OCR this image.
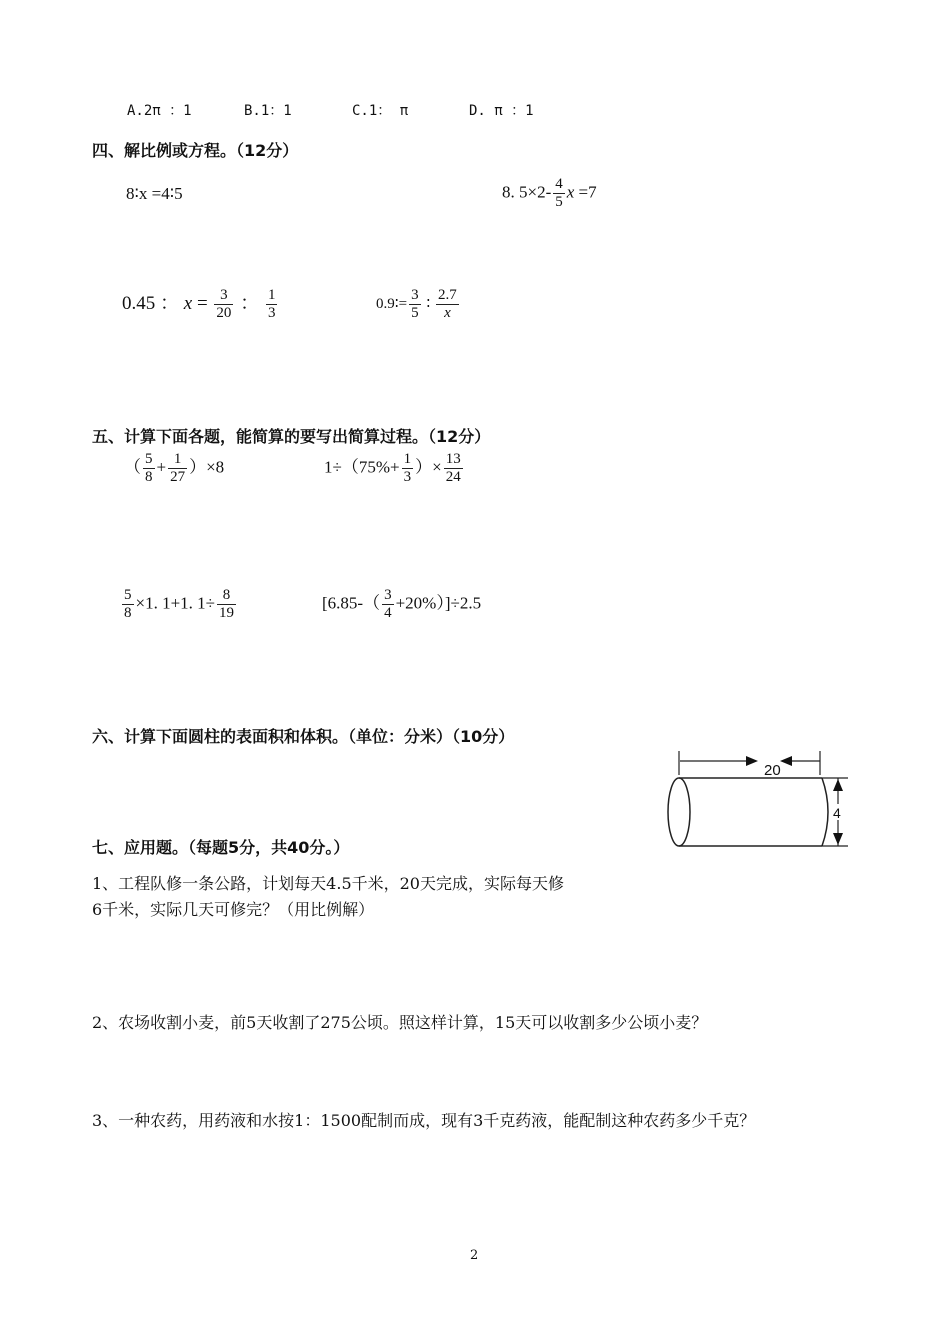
A.2π ：1	B.1：1	C.1： π	D. π ：1
四、解比例或方程。（12分）
8∶x =4∶5	8. $5\times 2- \frac{4}{5}$ x =7
0.45 ： $x = \frac{3}{20}$ ： $\frac{1}{3}$	0.9∶= $\frac{3}{5}$ ∶ $\frac{2.7}{x}$
五、计算下面各题，能简算的要写出简算过程。（12分）
（ $\frac{5}{8} + \frac{1}{27} )\times 8$	$1\div(75\%+ \frac{1}{3}$ ）× $\frac{13}{24}$
$\frac{5}{8} \times 1$. 1+1. $1\div \frac{8}{19}$	$[6.85-( \frac{3}{4} +20\%)]\div 2.5$
六、计算下面圆柱的表面积和体积。（单位：分米）（10分）
20
4
七、应用题。（每题5分，共40分。）
1、工程队修一条公路，计划每天4.5千米，20天完成，实际每天修
6千米，实际几天可修完？（用比例解）
2、农场收割小麦，前5天收割了275公顷。照这样计算，15天可以收割多少公顷小麦？
3、一种农药，用药液和水按1：1500配制而成，现有3千克药液，能配制这种农药多少千克？
2
